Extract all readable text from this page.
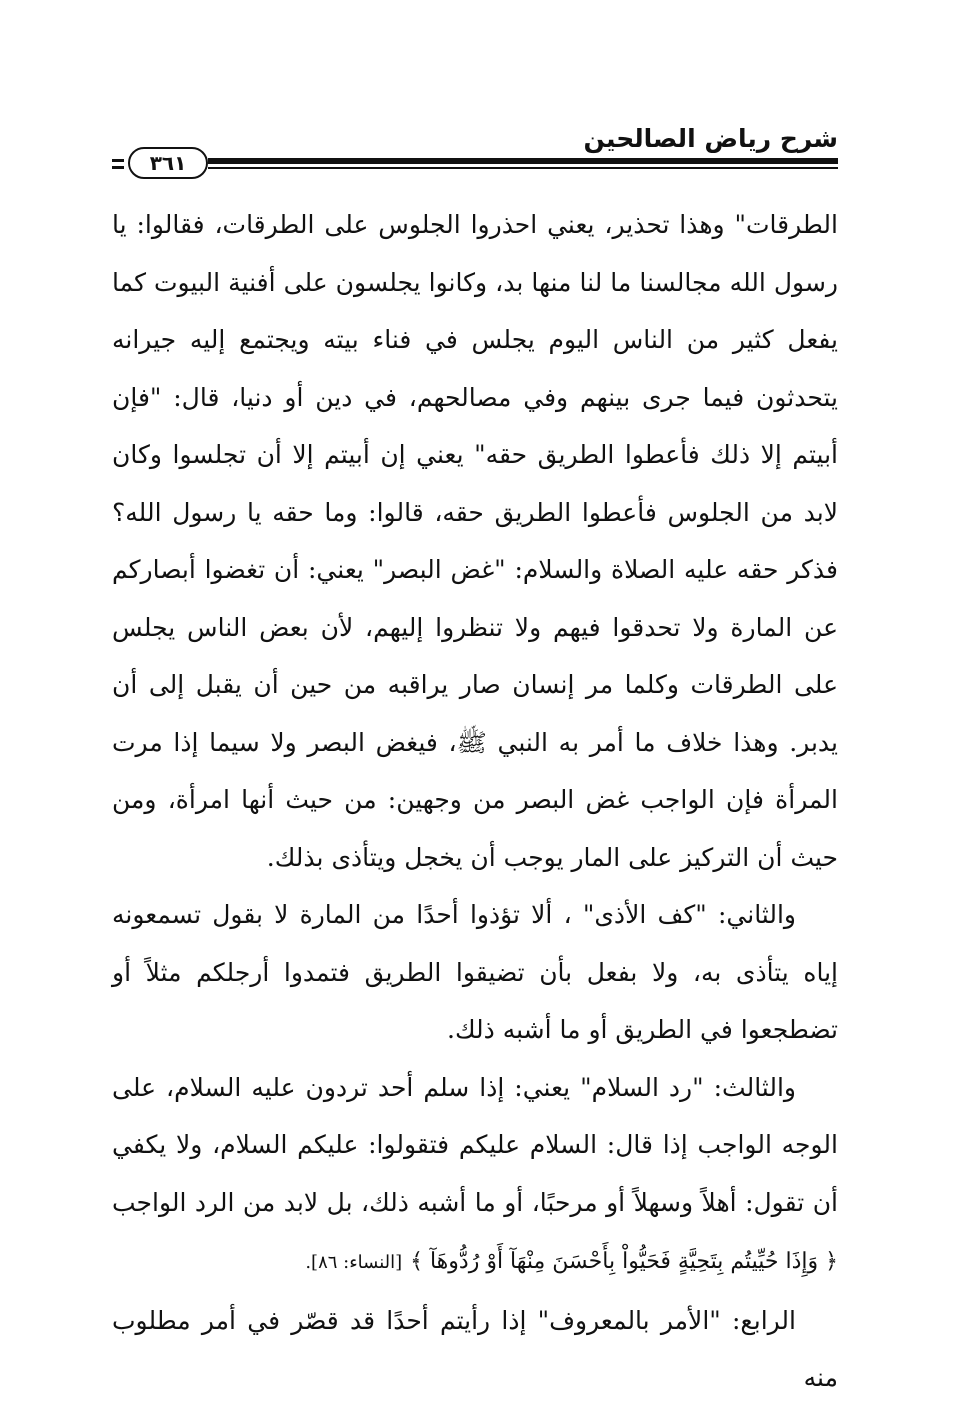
شرح رياض الصالحين
٣٦١

الطرقات" وهذا تحذير، يعني احذروا الجلوس على الطرقات، فقالوا: يا رسول الله مجالسنا ما لنا منها بد، وكانوا يجلسون على أفنية البيوت كما يفعل كثير من الناس اليوم يجلس في فناء بيته ويجتمع إليه جيرانه يتحدثون فيما جرى بينهم وفي مصالحهم، في دين أو دنيا، قال: "فإن أبيتم إلا ذلك فأعطوا الطريق حقه" يعني إن أبيتم إلا أن تجلسوا وكان لابد من الجلوس فأعطوا الطريق حقه، قالوا: وما حقه يا رسول الله؟ فذكر حقه عليه الصلاة والسلام: "غض البصر" يعني: أن تغضوا أبصاركم عن المارة ولا تحدقوا فيهم ولا تنظروا إليهم، لأن بعض الناس يجلس على الطرقات وكلما مر إنسان صار يراقبه من حين أن يقبل إلى أن يدبر. وهذا خلاف ما أمر به النبي ﷺ، فيغض البصر ولا سيما إذا مرت المرأة فإن الواجب غض البصر من وجهين: من حيث أنها امرأة، ومن حيث أن التركيز على المار يوجب أن يخجل ويتأذى بذلك.

والثاني: "كف الأذى" ، ألا تؤذوا أحدًا من المارة لا بقول تسمعونه إياه يتأذى به، ولا بفعل بأن تضيقوا الطريق فتمدوا أرجلكم مثلاً أو تضطجعوا في الطريق أو ما أشبه ذلك.

والثالث: "رد السلام" يعني: إذا سلم أحد تردون عليه السلام، على الوجه الواجب إذا قال: السلام عليكم فتقولوا: عليكم السلام، ولا يكفي أن تقول: أهلاً وسهلاً أو مرحبًا، أو ما أشبه ذلك، بل لابد من الرد الواجب ﴿ وَإِذَا حُيِّيتُم بِتَحِيَّةٍ فَحَيُّواْ بِأَحْسَنَ مِنْهَآ أَوْ رُدُّوهَآ ﴾ [النساء: ٨٦].

الرابع: "الأمر بالمعروف" إذا رأيتم أحدًا قد قصّر في أمر مطلوب منه
